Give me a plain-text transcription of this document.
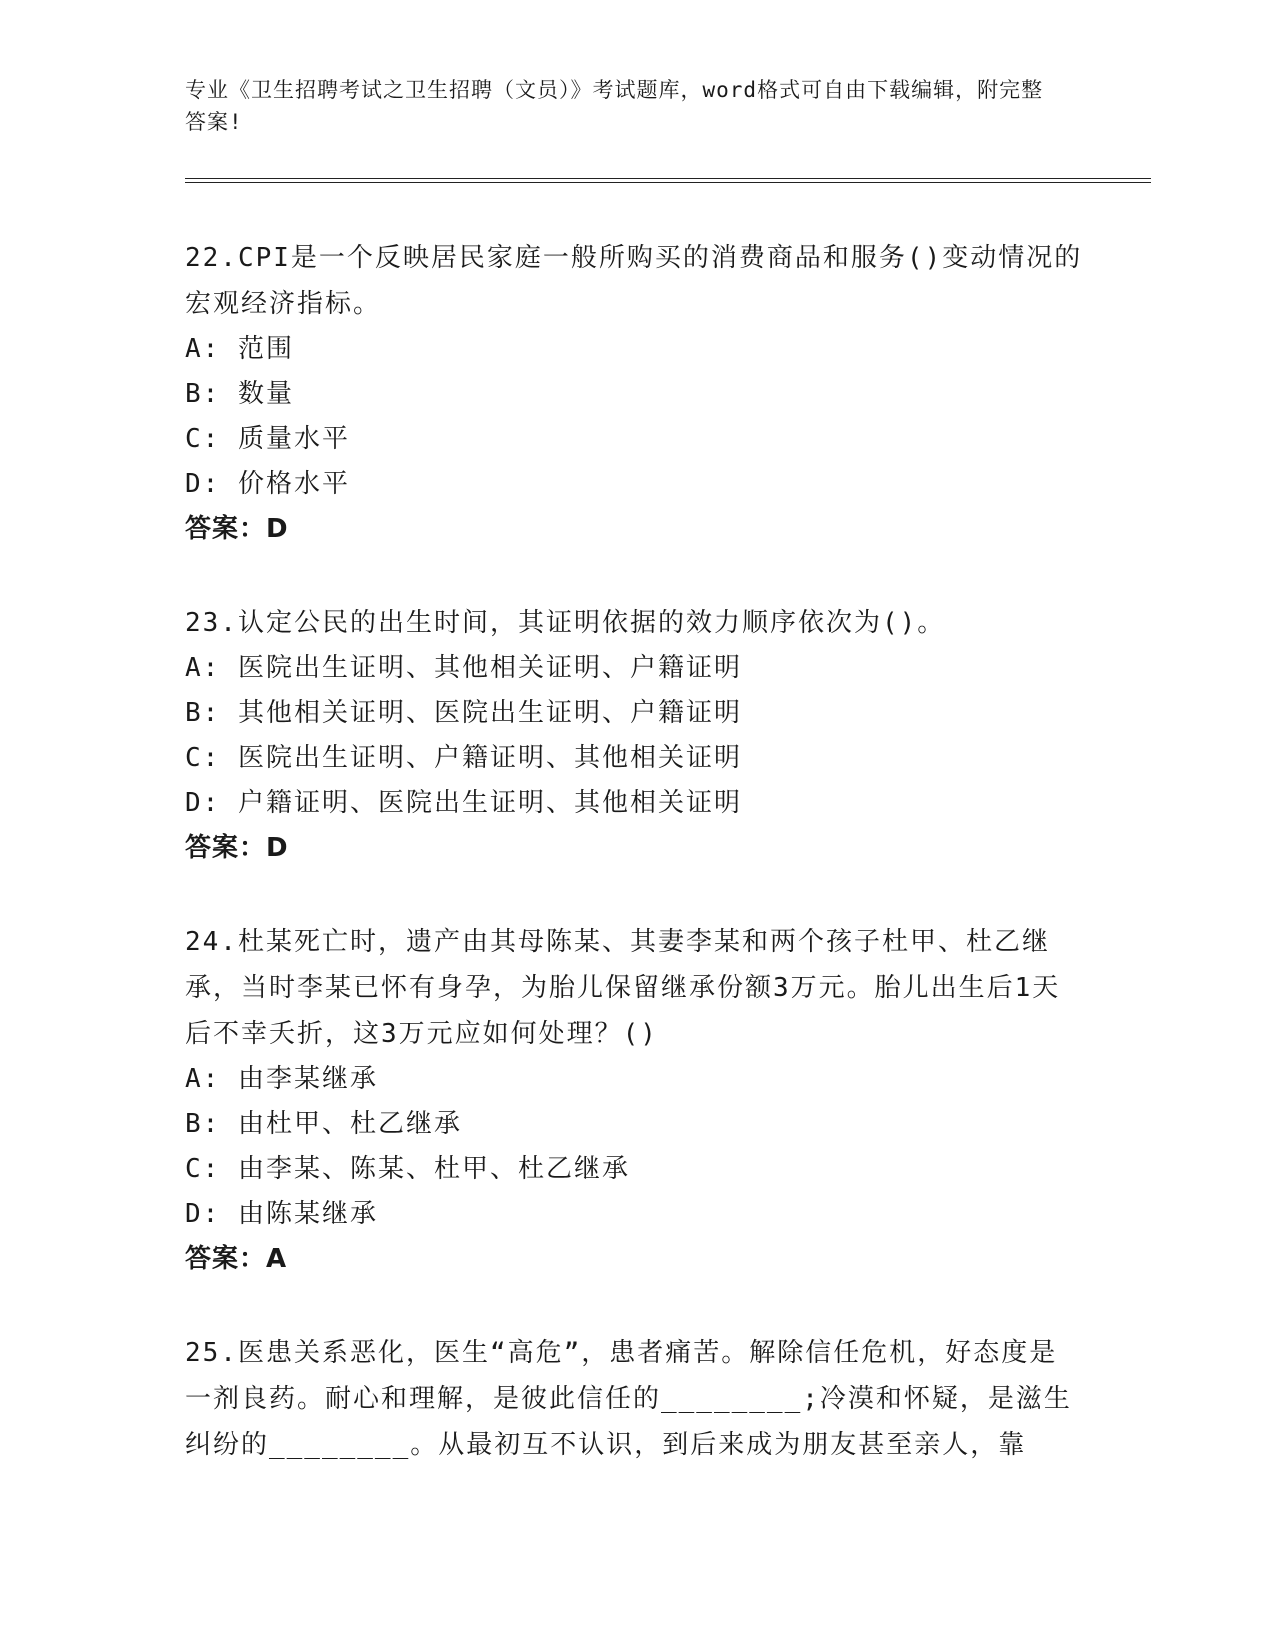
专业《卫生招聘考试之卫生招聘（文员）》考试题库，word格式可自由下载编辑，附完整答案!
22.CPI是一个反映居民家庭一般所购买的消费商品和服务()变动情况的宏观经济指标。
A: 范围
B: 数量
C: 质量水平
D: 价格水平
答案：D
23.认定公民的出生时间，其证明依据的效力顺序依次为()。
A: 医院出生证明、其他相关证明、户籍证明
B: 其他相关证明、医院出生证明、户籍证明
C: 医院出生证明、户籍证明、其他相关证明
D: 户籍证明、医院出生证明、其他相关证明
答案：D
24.杜某死亡时，遗产由其母陈某、其妻李某和两个孩子杜甲、杜乙继承，当时李某已怀有身孕，为胎儿保留继承份额3万元。胎儿出生后1天后不幸夭折，这3万元应如何处理？()
A: 由李某继承
B: 由杜甲、杜乙继承
C: 由李某、陈某、杜甲、杜乙继承
D: 由陈某继承
答案：A
25.医患关系恶化，医生“高危”，患者痛苦。解除信任危机，好态度是一剂良药。耐心和理解，是彼此信任的________;冷漠和怀疑，是滋生纠纷的________。从最初互不认识，到后来成为朋友甚至亲人，靠
